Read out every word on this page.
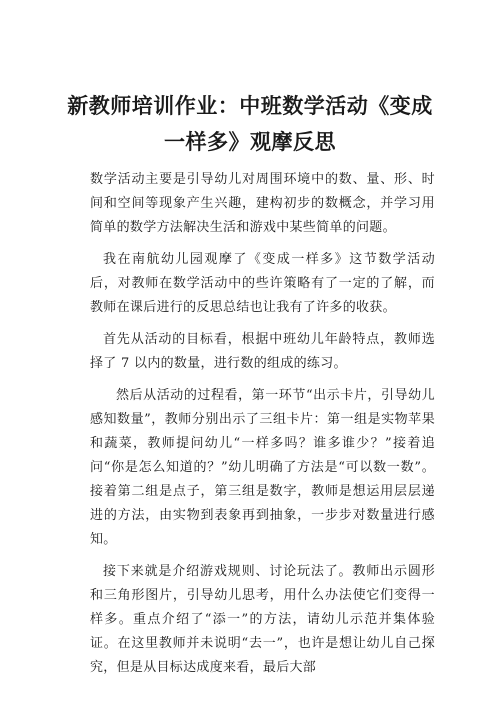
新教师培训作业：中班数学活动《变成一样多》观摩反思

数学活动主要是引导幼儿对周围环境中的数、量、形、时间和空间等现象产生兴趣，建构初步的数概念，并学习用简单的数学方法解决生活和游戏中某些简单的问题。

我在南航幼儿园观摩了《变成一样多》这节数学活动后，对教师在数学活动中的些许策略有了一定的了解，而教师在课后进行的反思总结也让我有了许多的收获。

首先从活动的目标看，根据中班幼儿年龄特点，教师选择了 7 以内的数量，进行数的组成的练习。

然后从活动的过程看，第一环节“出示卡片，引导幼儿感知数量”，教师分别出示了三组卡片：第一组是实物苹果和蔬菜，教师提问幼儿“一样多吗？谁多谁少？”接着追问“你是怎么知道的？”幼儿明确了方法是“可以数一数”。接着第二组是点子，第三组是数字，教师是想运用层层递进的方法，由实物到表象再到抽象，一步步对数量进行感知。

接下来就是介绍游戏规则、讨论玩法了。教师出示圆形和三角形图片，引导幼儿思考，用什么办法使它们变得一样多。重点介绍了“添一”的方法，请幼儿示范并集体验证。在这里教师并未说明“去一”，也许是想让幼儿自己探究，但是从目标达成度来看，最后大部
